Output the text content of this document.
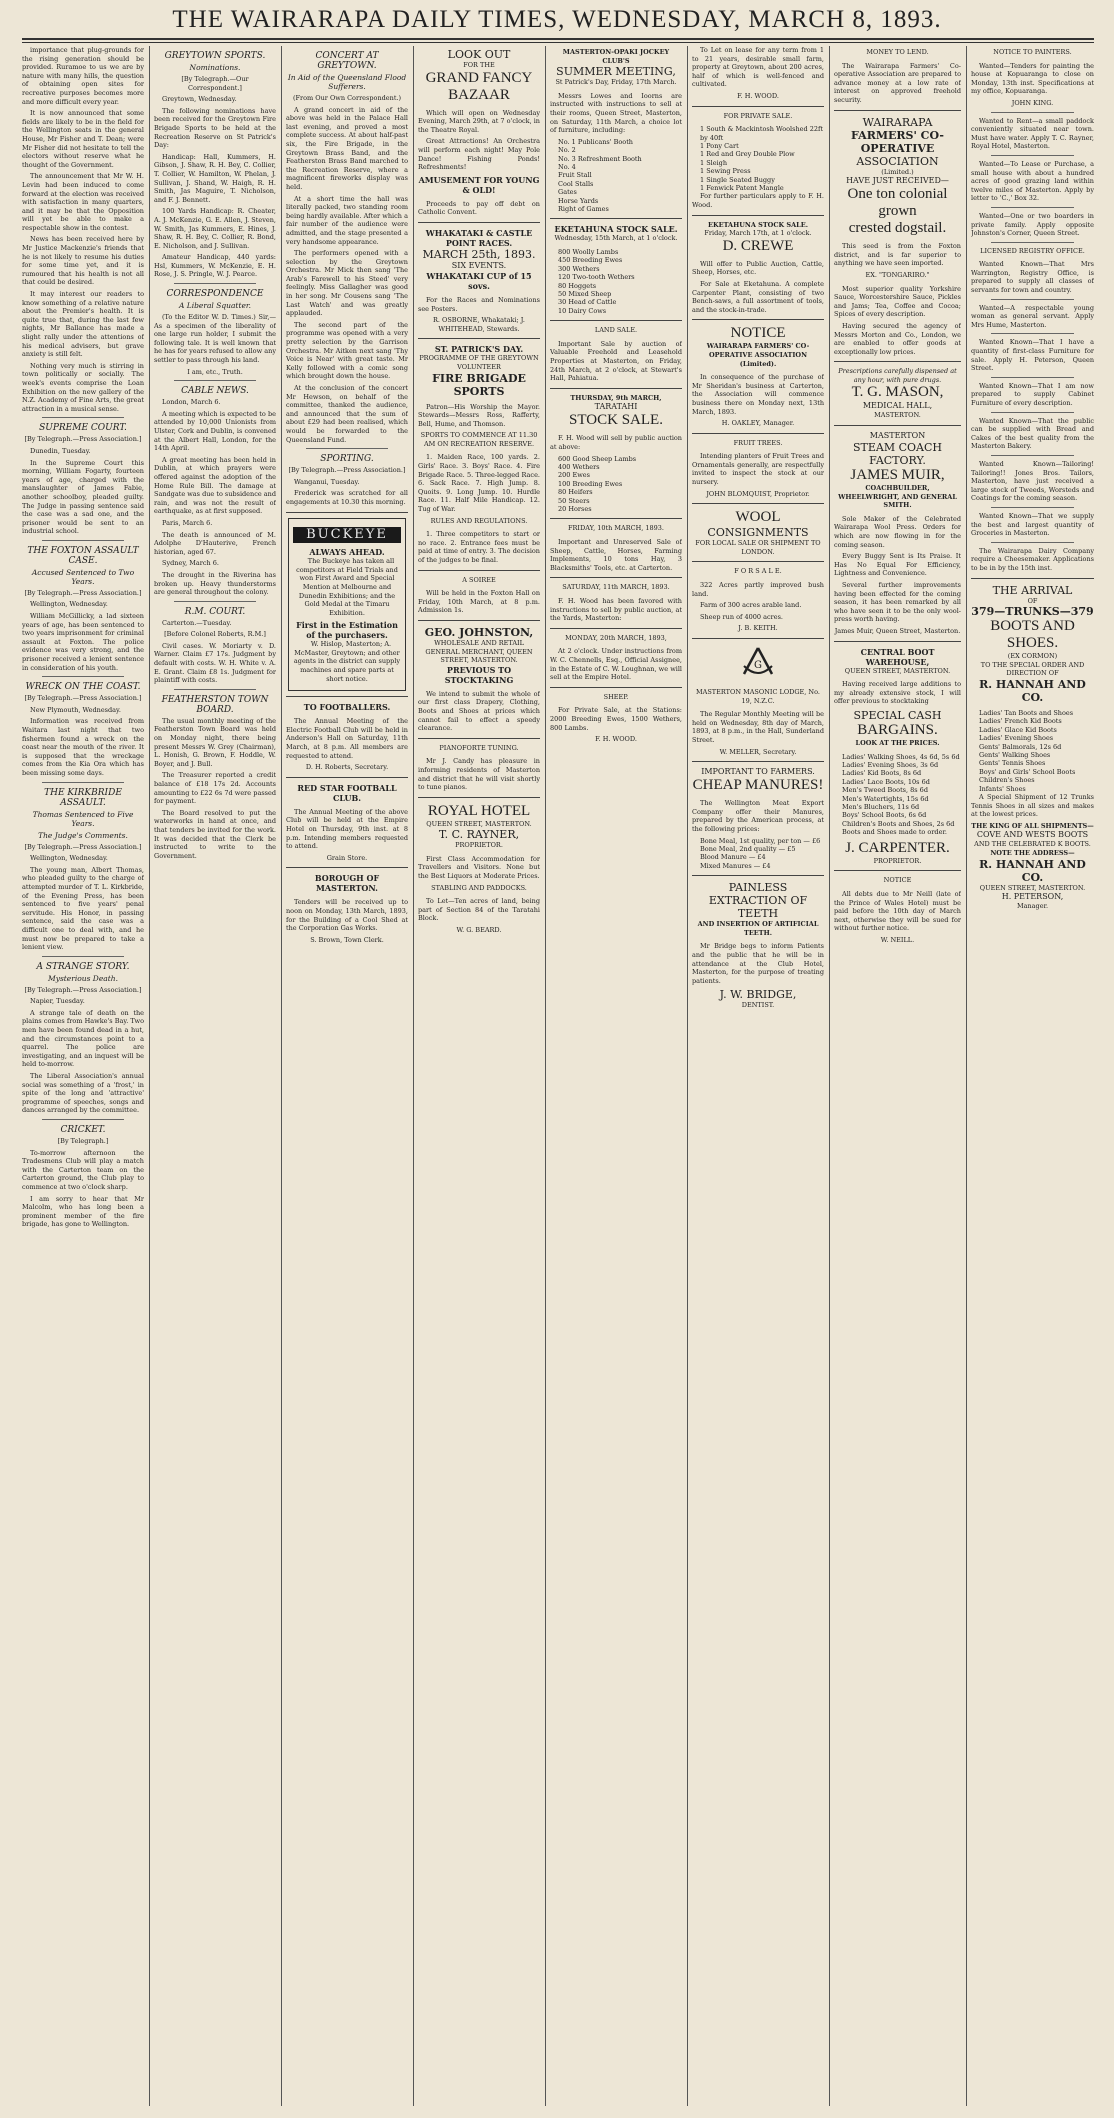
THE WAIRARAPA DAILY TIMES, WEDNESDAY, MARCH 8, 1893.

importance that plug-grounds for the rising generation should be provided. Ruramoe to us we are by nature with many hills, the question of obtaining open sites for recreative purposes becomes more and more difficult every year.

It is now announced that some fields are likely to be in the field for the Wellington seats in the general House, Mr Fisher and T. Dean; were Mr Fisher did not hesitate to tell the electors without reserve what he thought of the Government.

The announcement that Mr W. H. Levin had been induced to come forward at the election was received with satisfaction in many quarters, and it may be that the Opposition will yet be able to make a respectable show in the contest.

News has been received here by Mr Justice Mackenzie's friends that he is not likely to resume his duties for some time yet, and it is rumoured that his health is not all that could be desired.

It may interest our readers to know something of a relative nature about the Premier's health. It is quite true that, during the last few nights, Mr Ballance has made a slight rally under the attentions of his medical advisers, but grave anxiety is still felt.

Nothing very much is stirring in town politically or socially. The week's events comprise the Loan Exhibition on the new gallery of the N.Z. Academy of Fine Arts, the great attraction in a musical sense.

SUPREME COURT.
[By Telegraph.—Press Association.]

Dunedin, Tuesday.

In the Supreme Court this morning, William Fogarty, fourteen years of age, charged with the manslaughter of James Fabie, another schoolboy, pleaded guilty. The Judge in passing sentence said the case was a sad one, and the prisoner would be sent to an industrial school.

THE FOXTON ASSAULT CASE.
Accused Sentenced to Two Years.
[By Telegraph.—Press Association.]

Wellington, Wednesday.

William McGillicky, a lad sixteen years of age, has been sentenced to two years imprisonment for criminal assault at Foxton. The police evidence was very strong, and the prisoner received a lenient sentence in consideration of his youth.

WRECK ON THE COAST.
[By Telegraph.—Press Association.]

New Plymouth, Wednesday.

Information was received from Waitara last night that two fishermen found a wreck on the coast near the mouth of the river. It is supposed that the wreckage comes from the Kia Ora which has been missing some days.

THE KIRKBRIDE ASSAULT.
Thomas Sentenced to Five Years.
The Judge's Comments.
[By Telegraph.—Press Association.]

Wellington, Wednesday.

The young man, Albert Thomas, who pleaded guilty to the charge of attempted murder of T. L. Kirkbride, of the Evening Press, has been sentenced to five years' penal servitude. His Honor, in passing sentence, said the case was a difficult one to deal with, and he must now be prepared to take a lenient view.

A STRANGE STORY.
Mysterious Death.
[By Telegraph.—Press Association.]

Napier, Tuesday.

A strange tale of death on the plains comes from Hawke's Bay. Two men have been found dead in a hut, and the circumstances point to a quarrel. The police are investigating, and an inquest will be held to-morrow.

The Liberal Association's annual social was something of a 'frost,' in spite of the long and 'attractive' programme of speeches, songs and dances arranged by the committee.

CRICKET.
[By Telegraph.]

To-morrow afternoon the Tradesmens Club will play a match with the Carterton team on the Carterton ground, the Club play to commence at two o'clock sharp.

I am sorry to hear that Mr Malcolm, who has long been a prominent member of the fire brigade, has gone to Wellington.

GREYTOWN SPORTS.
Nominations.
[By Telegraph.—Our Correspondent.]

Greytown, Wednesday.

The following nominations have been received for the Greytown Fire Brigade Sports to be held at the Recreation Reserve on St Patrick's Day:

Handicap: Hall, Kummers, H. Gibson, J. Shaw, R. H. Bey, C. Collier, T. Collier, W. Hamilton, W. Phelan, J. Sullivan, J. Shand, W. Haigh, R. H. Smith, Jas Maguire, T. Nicholson, and F. J. Bennett.

100 Yards Handicap: R. Cheater, A. J. McKenzie, G. E. Allen, J. Steven, W. Smith, Jas Kummers, E. Hines, J. Shaw, R. H. Bey, C. Collier, R. Bond, E. Nicholson, and J. Sullivan.

Amateur Handicap, 440 yards: Hsl, Kummers, W. McKenzie, E. H. Rose, J. S. Pringle, W. J. Pearce.

CORRESPONDENCE
A Liberal Squatter.

(To the Editor W. D. Times.) Sir,—As a specimen of the liberality of one large run holder, I submit the following tale. It is well known that he has for years refused to allow any settler to pass through his land.

I am, etc., Truth.
CABLE NEWS.

London, March 6.

A meeting which is expected to be attended by 10,000 Unionists from Ulster, Cork and Dublin, is convened at the Albert Hall, London, for the 14th April.

A great meeting has been held in Dublin, at which prayers were offered against the adoption of the Home Rule Bill. The damage at Sandgate was due to subsidence and rain, and was not the result of earthquake, as at first supposed.

Paris, March 6.

The death is announced of M. Adolphe D'Hauterive, French historian, aged 67.

Sydney, March 6.

The drought in the Riverina has broken up. Heavy thunderstorms are general throughout the colony.

R.M. COURT.

Carterton.—Tuesday.

[Before Colonel Roberts, R.M.]

Civil cases. W. Moriarty v. D. Warner. Claim £7 17s. Judgment by default with costs. W. H. White v. A. E. Grant. Claim £8 1s. Judgment for plaintiff with costs.

FEATHERSTON TOWN BOARD.

The usual monthly meeting of the Featherston Town Board was held on Monday night, there being present Messrs W. Grey (Chairman), L. Honish, G. Brown, F. Hoddle, W. Boyer, and J. Bull.

The Treasurer reported a credit balance of £18 17s 2d. Accounts amounting to £22 6s 7d were passed for payment.

The Board resolved to put the waterworks in hand at once, and that tenders be invited for the work. It was decided that the Clerk be instructed to write to the Government.

CONCERT AT GREYTOWN.
In Aid of the Queensland Flood Sufferers.
(From Our Own Correspondent.)

A grand concert in aid of the above was held in the Palace Hall last evening, and proved a most complete success. At about half-past six, the Fire Brigade, in the Greytown Brass Band, and the Featherston Brass Band marched to the Recreation Reserve, where a magnificent fireworks display was held.

At a short time the hall was literally packed, two standing room being hardly available. After which a fair number of the audience were admitted, and the stage presented a very handsome appearance.

The performers opened with a selection by the Greytown Orchestra. Mr Mick then sang 'The Arab's Farewell to his Steed' very feelingly. Miss Gallagher was good in her song. Mr Cousens sang 'The Last Watch' and was greatly applauded.

The second part of the programme was opened with a very pretty selection by the Garrison Orchestra. Mr Aitken next sang 'Thy Voice is Near' with great taste. Mr Kelly followed with a comic song which brought down the house.

At the conclusion of the concert Mr Hewson, on behalf of the committee, thanked the audience, and announced that the sum of about £29 had been realised, which would be forwarded to the Queensland Fund.

SPORTING.
[By Telegraph.—Press Association.]

Wanganui, Tuesday.

Frederick was scratched for all engagements at 10.30 this morning.

BUCKEYE
ALWAYS AHEAD.

The Buckeye has taken all competitors at Field Trials and won First Award and Special Mention at Melbourne and Dunedin Exhibitions; and the Gold Medal at the Timaru Exhibition.

First in the Estimation of the purchasers.

W. Hislop, Masterton; A. McMaster, Greytown; and other agents in the district can supply machines and spare parts at short notice.

TO FOOTBALLERS.

The Annual Meeting of the Electric Football Club will be held in Anderson's Hall on Saturday, 11th March, at 8 p.m. All members are requested to attend.

D. H. Roberts, Secretary.
RED STAR FOOTBALL CLUB.

The Annual Meeting of the above Club will be held at the Empire Hotel on Thursday, 9th inst. at 8 p.m. Intending members requested to attend.

Grain Store.
BOROUGH OF MASTERTON.

Tenders will be received up to noon on Monday, 13th March, 1893, for the Building of a Cool Shed at the Corporation Gas Works.

S. Brown, Town Clerk.
LOOK OUT
FOR THE
GRAND FANCY
BAZAAR

Which will open on Wednesday Evening, March 29th, at 7 o'clock, in the Theatre Royal.

Great Attractions! An Orchestra will perform each night! May Pole Dance! Fishing Ponds! Refreshments!

AMUSEMENT FOR YOUNG & OLD!

Proceeds to pay off debt on Catholic Convent.

WHAKATAKI & CASTLE POINT RACES.
MARCH 25th, 1893.
SIX EVENTS.
WHAKATAKI CUP of 15 sovs.

For the Races and Nominations see Posters.

R. OSBORNE, Whakataki; J. WHITEHEAD, Stewards.
ST. PATRICK'S DAY.
PROGRAMME OF THE GREYTOWN VOLUNTEER
FIRE BRIGADE SPORTS

Patron—His Worship the Mayor. Stewards—Messrs Ross, Rafferty, Bell, Hume, and Thomson.

SPORTS TO COMMENCE AT 11.30 AM ON RECREATION RESERVE.

1. Maiden Race, 100 yards. 2. Girls' Race. 3. Boys' Race. 4. Fire Brigade Race. 5. Three-legged Race. 6. Sack Race. 7. High Jump. 8. Quoits. 9. Long Jump. 10. Hurdle Race. 11. Half Mile Handicap. 12. Tug of War.

RULES AND REGULATIONS.

1. Three competitors to start or no race. 2. Entrance fees must be paid at time of entry. 3. The decision of the judges to be final.

A SOIREE

Will be held in the Foxton Hall on Friday, 10th March, at 8 p.m. Admission 1s.

GEO. JOHNSTON,
WHOLESALE AND RETAIL GENERAL MERCHANT, QUEEN STREET, MASTERTON.
PREVIOUS TO STOCKTAKING

We intend to submit the whole of our first class Drapery, Clothing, Boots and Shoes at prices which cannot fail to effect a speedy clearance.

PIANOFORTE TUNING.

Mr J. Candy has pleasure in informing residents of Masterton and district that he will visit shortly to tune pianos.

ROYAL HOTEL
QUEEN STREET, MASTERTON.
T. C. RAYNER,
PROPRIETOR.

First Class Accommodation for Travellers and Visitors. None but the Best Liquors at Moderate Prices.

STABLING AND PADDOCKS.

To Let—Ten acres of land, being part of Section 84 of the Taratahi Block.

W. G. BEARD.
MASTERTON-OPAKI JOCKEY CLUB'S
SUMMER MEETING,
St Patrick's Day, Friday, 17th March.

Messrs Lowes and Ioorns are instructed with instructions to sell at their rooms, Queen Street, Masterton, on Saturday, 11th March, a choice lot of furniture, including:

No. 1 Publicans' Booth
No. 2
No. 3 Refreshment Booth
No. 4
Fruit Stall
Cool Stalls
Gates
Horse Yards
Right of Games
EKETAHUNA STOCK SALE.
Wednesday, 15th March, at 1 o'clock.
800 Woolly Lambs
450 Breeding Ewes
300 Wethers
120 Two-tooth Wethers
80 Hoggets
50 Mixed Sheep
30 Head of Cattle
10 Dairy Cows
LAND SALE.

Important Sale by auction of Valuable Freehold and Leasehold Properties at Masterton, on Friday, 24th March, at 2 o'clock, at Stewart's Hall, Pahiatua.

THURSDAY, 9th MARCH,
TARATAHI
STOCK SALE.

F. H. Wood will sell by public auction at above:

600 Good Sheep Lambs
400 Wethers
200 Ewes
100 Breeding Ewes
80 Heifers
50 Steers
20 Horses
FRIDAY, 10th MARCH, 1893.

Important and Unreserved Sale of Sheep, Cattle, Horses, Farming Implements, 10 tons Hay, 3 Blacksmiths' Tools, etc. at Carterton.

SATURDAY, 11th MARCH, 1893.

F. H. Wood has been favored with instructions to sell by public auction, at the Yards, Masterton:

MONDAY, 20th MARCH, 1893,

At 2 o'clock. Under instructions from W. C. Chennells, Esq., Official Assignee, in the Estate of C. W. Loughnan, we will sell at the Empire Hotel.

SHEEP.

For Private Sale, at the Stations: 2000 Breeding Ewes, 1500 Wethers, 800 Lambs.

F. H. WOOD.

To Let on lease for any term from 1 to 21 years, desirable small farm, property at Greytown, about 200 acres, half of which is well-fenced and cultivated.

F. H. WOOD.
FOR PRIVATE SALE.
1 South & Mackintosh Woolshed 22ft by 40ft
1 Pony Cart
1 Red and Grey Double Plow
1 Sleigh
1 Sewing Press
1 Single Seated Buggy
1 Fenwick Patent Mangle

For further particulars apply to F. H. Wood.

EKETAHUNA STOCK SALE.
Friday, March 17th, at 1 o'clock.
D. CREWE

Will offer to Public Auction, Cattle, Sheep, Horses, etc.

For Sale at Eketahuna. A complete Carpenter Plant, consisting of two Bench-saws, a full assortment of tools, and the stock-in-trade.

NOTICE
WAIRARAPA FARMERS' CO-OPERATIVE ASSOCIATION (Limited).

In consequence of the purchase of Mr Sheridan's business at Carterton, the Association will commence business there on Monday next, 13th March, 1893.

H. OAKLEY, Manager.
FRUIT TREES.

Intending planters of Fruit Trees and Ornamentals generally, are respectfully invited to inspect the stock at our nursery.

JOHN BLOMQUIST, Proprietor.
WOOL
CONSIGNMENTS
FOR LOCAL SALE OR SHIPMENT TO LONDON.
F O R S A L E.

322 Acres partly improved bush land.

Farm of 300 acres arable land.

Sheep run of 4000 acres.

J. B. KEITH.
G
MASTERTON MASONIC LODGE, No. 19, N.Z.C.

The Regular Monthly Meeting will be held on Wednesday, 8th day of March, 1893, at 8 p.m., in the Hall, Sunderland Street.

W. MELLER, Secretary.
IMPORTANT TO FARMERS.
CHEAP MANURES!

The Wellington Meat Export Company offer their Manures, prepared by the American process, at the following prices:

Bone Meal, 1st quality, per ton — £6
Bone Meal, 2nd quality — £5
Blood Manure — £4
Mixed Manures — £4
PAINLESS EXTRACTION OF TEETH
AND INSERTION OF ARTIFICIAL TEETH.

Mr Bridge begs to inform Patients and the public that he will be in attendance at the Club Hotel, Masterton, for the purpose of treating patients.

J. W. BRIDGE,
DENTIST.
MONEY TO LEND.

The Wairarapa Farmers' Co-operative Association are prepared to advance money at a low rate of interest on approved freehold security.

WAIRARAPA
FARMERS' CO-OPERATIVE
ASSOCIATION
(Limited.)
HAVE JUST RECEIVED—
One ton colonial grown
crested dogstail.

This seed is from the Foxton district, and is far superior to anything we have seen imported.

EX. "TONGARIRO."

Most superior quality Yorkshire Sauce, Worcestershire Sauce, Pickles and Jams; Tea, Coffee and Cocoa; Spices of every description.

Having secured the agency of Messrs Morton and Co., London, we are enabled to offer goods at exceptionally low prices.

Prescriptions carefully dispensed at any hour, with pure drugs.
T. G. MASON,
MEDICAL HALL,
MASTERTON.
MASTERTON
STEAM COACH FACTORY.
JAMES MUIR,
COACHBUILDER, WHEELWRIGHT, AND GENERAL SMITH.

Sole Maker of the Celebrated Wairarapa Wool Press. Orders for which are now flowing in for the coming season.

Every Buggy Sent is Its Praise. It Has No Equal For Efficiency, Lightness and Convenience.

Several further improvements having been effected for the coming season, it has been remarked by all who have seen it to be the only wool-press worth having.

James Muir, Queen Street, Masterton.
CENTRAL BOOT WAREHOUSE,
QUEEN STREET, MASTERTON.

Having received large additions to my already extensive stock, I will offer previous to stocktaking

SPECIAL CASH
BARGAINS.
LOOK AT THE PRICES.
Ladies' Walking Shoes, 4s 6d, 5s 6d
Ladies' Evening Shoes, 3s 6d
Ladies' Kid Boots, 8s 6d
Ladies' Lace Boots, 10s 6d
Men's Tweed Boots, 8s 6d
Men's Watertights, 15s 6d
Men's Bluchers, 11s 6d
Boys' School Boots, 6s 6d
Children's Boots and Shoes, 2s 6d

Boots and Shoes made to order.

J. CARPENTER.
PROPRIETOR.
NOTICE

All debts due to Mr Neill (late of the Prince of Wales Hotel) must be paid before the 10th day of March next, otherwise they will be sued for without further notice.

W. NEILL.
NOTICE TO PAINTERS.

Wanted—Tenders for painting the house at Kopuaranga to close on Monday, 13th inst. Specifications at my office, Kopuaranga.

JOHN KING.

Wanted to Rent—a small paddock conveniently situated near town. Must have water. Apply T. C. Rayner, Royal Hotel, Masterton.

Wanted—To Lease or Purchase, a small house with about a hundred acres of good grazing land within twelve miles of Masterton. Apply by letter to 'C.,' Box 32.

Wanted—One or two boarders in private family. Apply opposite Johnston's Corner, Queen Street.

LICENSED REGISTRY OFFICE.

Wanted Known—That Mrs Warrington, Registry Office, is prepared to supply all classes of servants for town and country.

Wanted—A respectable young woman as general servant. Apply Mrs Hume, Masterton.

Wanted Known—That I have a quantity of first-class Furniture for sale. Apply H. Peterson, Queen Street.

Wanted Known—That I am now prepared to supply Cabinet Furniture of every description.

Wanted Known—That the public can be supplied with Bread and Cakes of the best quality from the Masterton Bakery.

Wanted Known—Tailoring! Tailoring!! Jones Bros. Tailors, Masterton, have just received a large stock of Tweeds, Worsteds and Coatings for the coming season.

Wanted Known—That we supply the best and largest quantity of Groceries in Masterton.

The Wairarapa Dairy Company require a Cheesemaker. Applications to be in by the 15th inst.

THE ARRIVAL
OF
379—TRUNKS—379
BOOTS AND SHOES.
(EX CORMON)
TO THE SPECIAL ORDER AND DIRECTION OF
R. HANNAH AND CO.
Ladies' Tan Boots and Shoes
Ladies' French Kid Boots
Ladies' Glace Kid Boots
Ladies' Evening Shoes
Gents' Balmorals, 12s 6d
Gents' Walking Shoes
Gents' Tennis Shoes
Boys' and Girls' School Boots
Children's Shoes
Infants' Shoes

A Special Shipment of 12 Trunks Tennis Shoes in all sizes and makes at the lowest prices.

THE KING OF ALL SHIPMENTS—
COVE AND WESTS BOOTS
AND THE CELEBRATED K BOOTS.
NOTE THE ADDRESS—
R. HANNAH AND CO.
QUEEN STREET, MASTERTON.
H. PETERSON,
Manager.
